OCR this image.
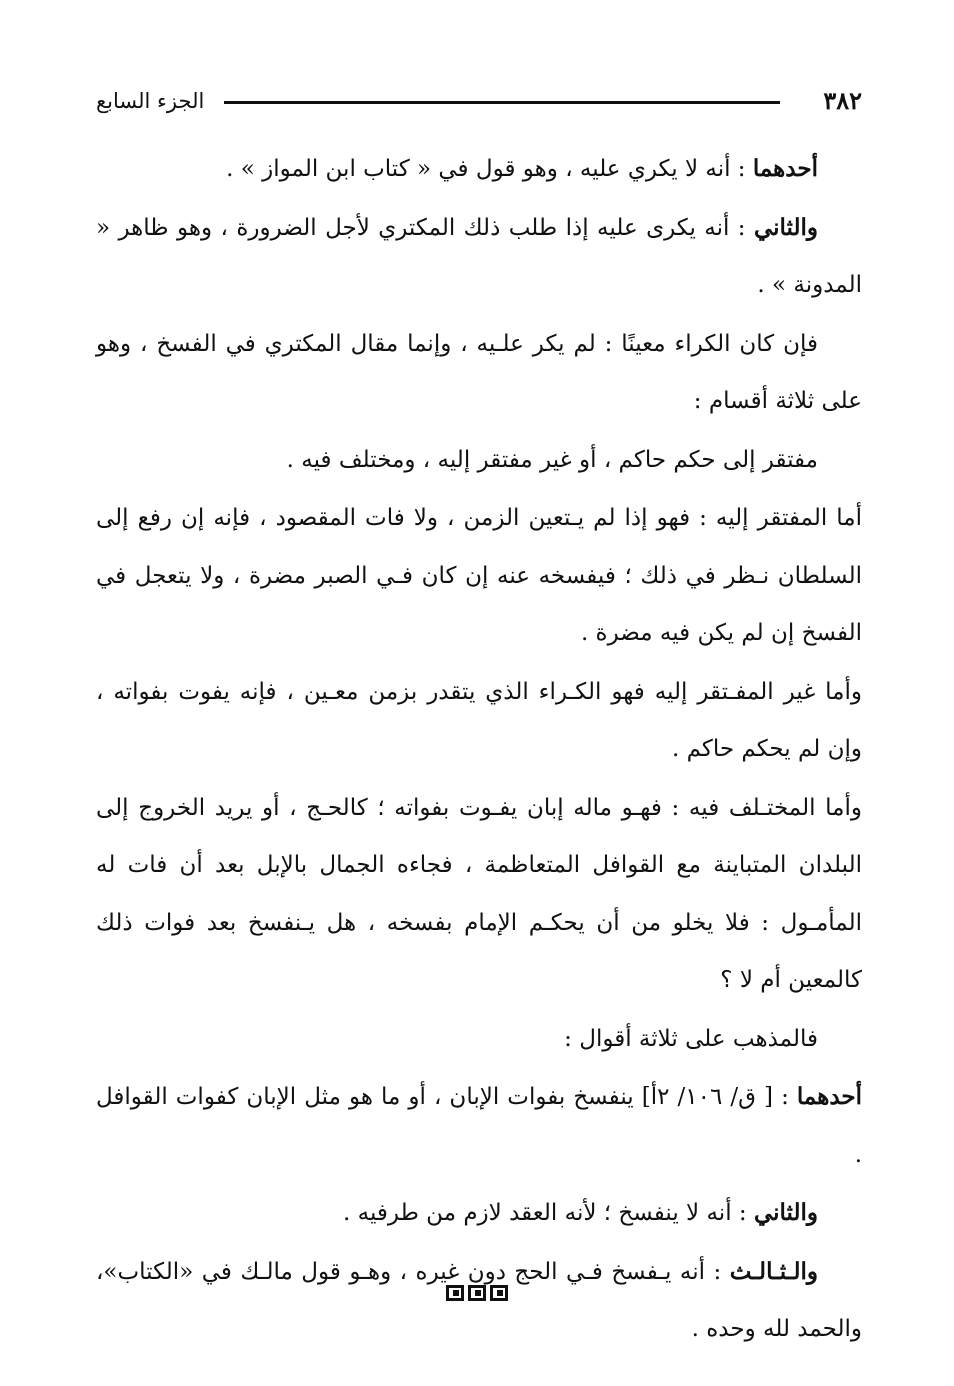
٣٨٢
الجزء السابع

أحدهما : أنه لا يكري عليه ، وهو قول في « كتاب ابن المواز » .

والثاني : أنه يكرى عليه إذا طلب ذلك المكتري لأجل الضرورة ، وهو ظاهر « المدونة » .

فإن كان الكراء معينًا : لم يكر علـيه ، وإنما مقال المكتري في الفسخ ، وهو على ثلاثة أقسام :

مفتقر إلى حكم حاكم ، أو غير مفتقر إليه ، ومختلف فيه .

أما المفتقر إليه : فهو إذا لم يـتعين الزمن ، ولا فات المقصود ، فإنه إن رفع إلى السلطان نـظر في ذلك ؛ فيفسخه عنه إن كان فـي الصبر مضرة ، ولا يتعجل في الفسخ إن لم يكن فيه مضرة .

وأما غير المفـتقر إليه فهو الكـراء الذي يتقدر بزمن معـين ، فإنه يفوت بفواته ، وإن لم يحكم حاكم .

وأما المختـلف فيه : فهـو ماله إبان يفـوت بفواته ؛ كالحـج ، أو يريد الخروج إلى البلدان المتباينة مع القوافل المتعاظمة ، فجاءه الجمال بالإبل بعد أن فات له المأمـول : فلا يخلو من أن يحكـم الإمام بفسخه ، هل يـنفسخ بعد فوات ذلك كالمعين أم لا ؟

فالمذهب على ثلاثة أقوال :

أحدهما : [ ق/ ١٠٦/ ٢أ] ينفسخ بفوات الإبان ، أو ما هو مثل الإبان كفوات القوافل .

والثاني : أنه لا ينفسخ ؛ لأنه العقد لازم من طرفيه .

والـثـالـث : أنه يـفسخ فـي الحج دون غيره ، وهـو قول مالـك في «الكتاب»، والحمد لله وحده .
